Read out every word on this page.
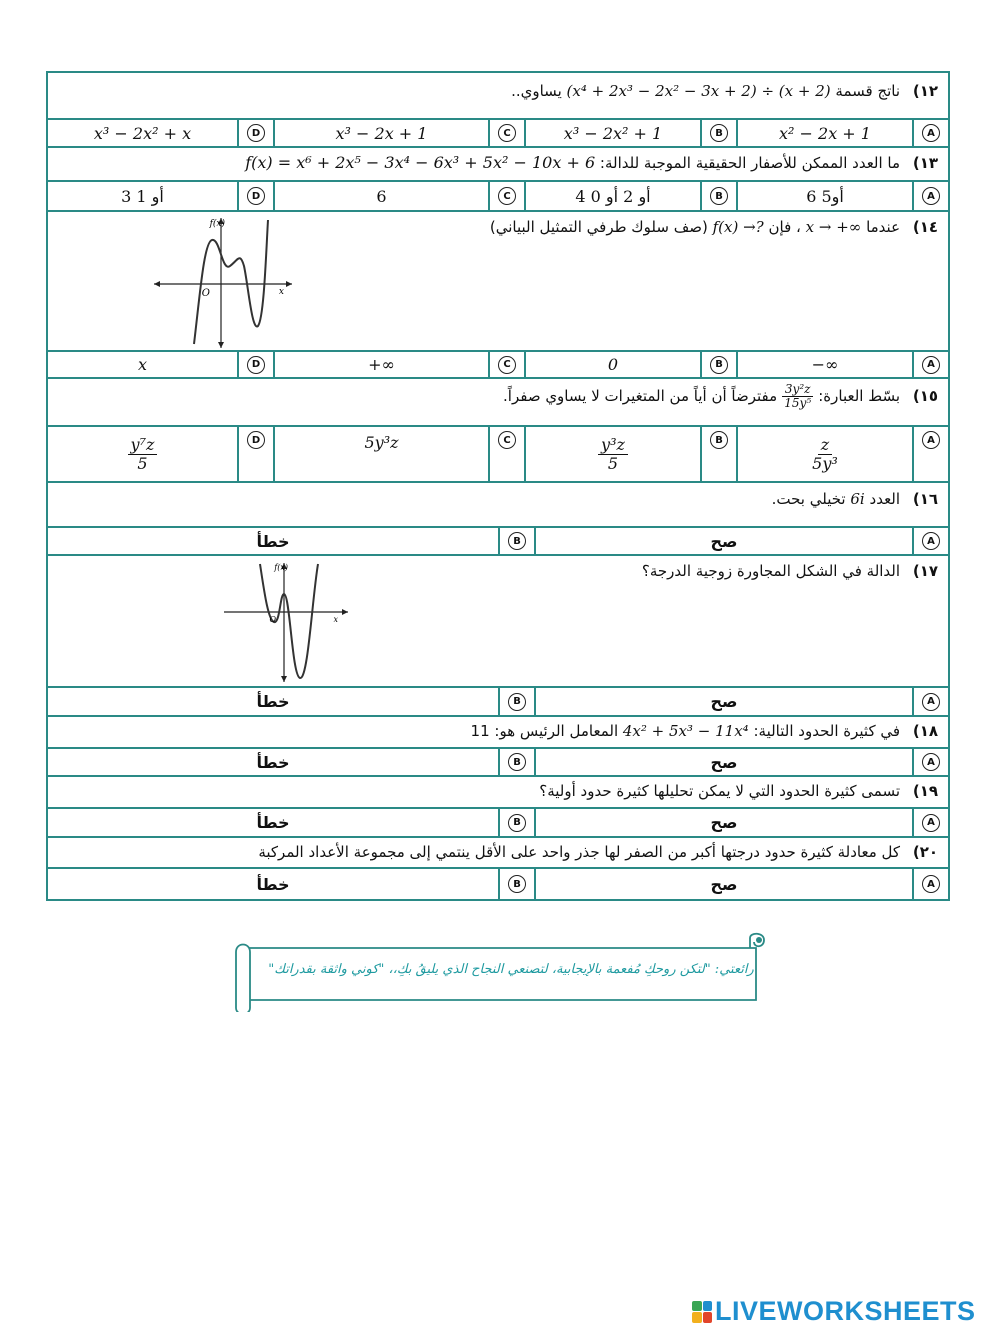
١٢) ناتج قسمة (x⁴ + 2x³ − 2x² − 3x + 2) ÷ (x + 2) يساوي..
A
x² − 2x + 1
B
x³ − 2x² + 1
C
x³ − 2x + 1
D
x³ − 2x² + x
١٣) ما العدد الممكن للأصفار الحقيقية الموجبة للدالة: f(x) = x⁶ + 2x⁵ − 3x⁴ − 6x³ + 5x² − 10x + 6
A
6 أو5
B
4 أو 2 أو 0
C
6
D
3 أو 1
١٤) عندما x → +∞ ، فإن f(x) →? (صف سلوك طرفي التمثيل البياني)
f(x)
x
O
A
−∞
B
0
C
+∞
D
x
١٥) بسّط العبارة:
$\frac{\text{3y²z}}{\text{15y⁵}}$
مفترضاً أن أياً من المتغيرات لا يساوي صفراً.
A
$\frac{z}{\text{5y³}}$
B
$\frac{\text{y³z}}{5}$
C
5y³z
D
$\frac{\text{y⁷z}}{5}$
١٦) العدد 6i تخيلي بحت.
A
صح
B
خطأ
١٧) الدالة في الشكل المجاورة زوجية الدرجة؟
f(x)
x
O
A
صح
B
خطأ
١٨) في كثيرة الحدود التالية: 4x² + 5x³ − 11x⁴ المعامل الرئيس هو: 11
A
صح
B
خطأ
١٩) تسمى كثيرة الحدود التي لا يمكن تحليلها كثيرة حدود أولية؟
A
صح
B
خطأ
٢٠) كل معادلة كثيرة حدود درجتها أكبر من الصفر لها جذر واحد على الأقل ينتمي إلى مجموعة الأعداد المركبة
A
صح
B
خطأ
رائعتي: "لتكن روحكِ مُفعمة بالإيجابية، لتصنعي النجاح الذي يليقُ بكِ،، "كوني واثقة بقدراتك"
LIVEWORKSHEETS
